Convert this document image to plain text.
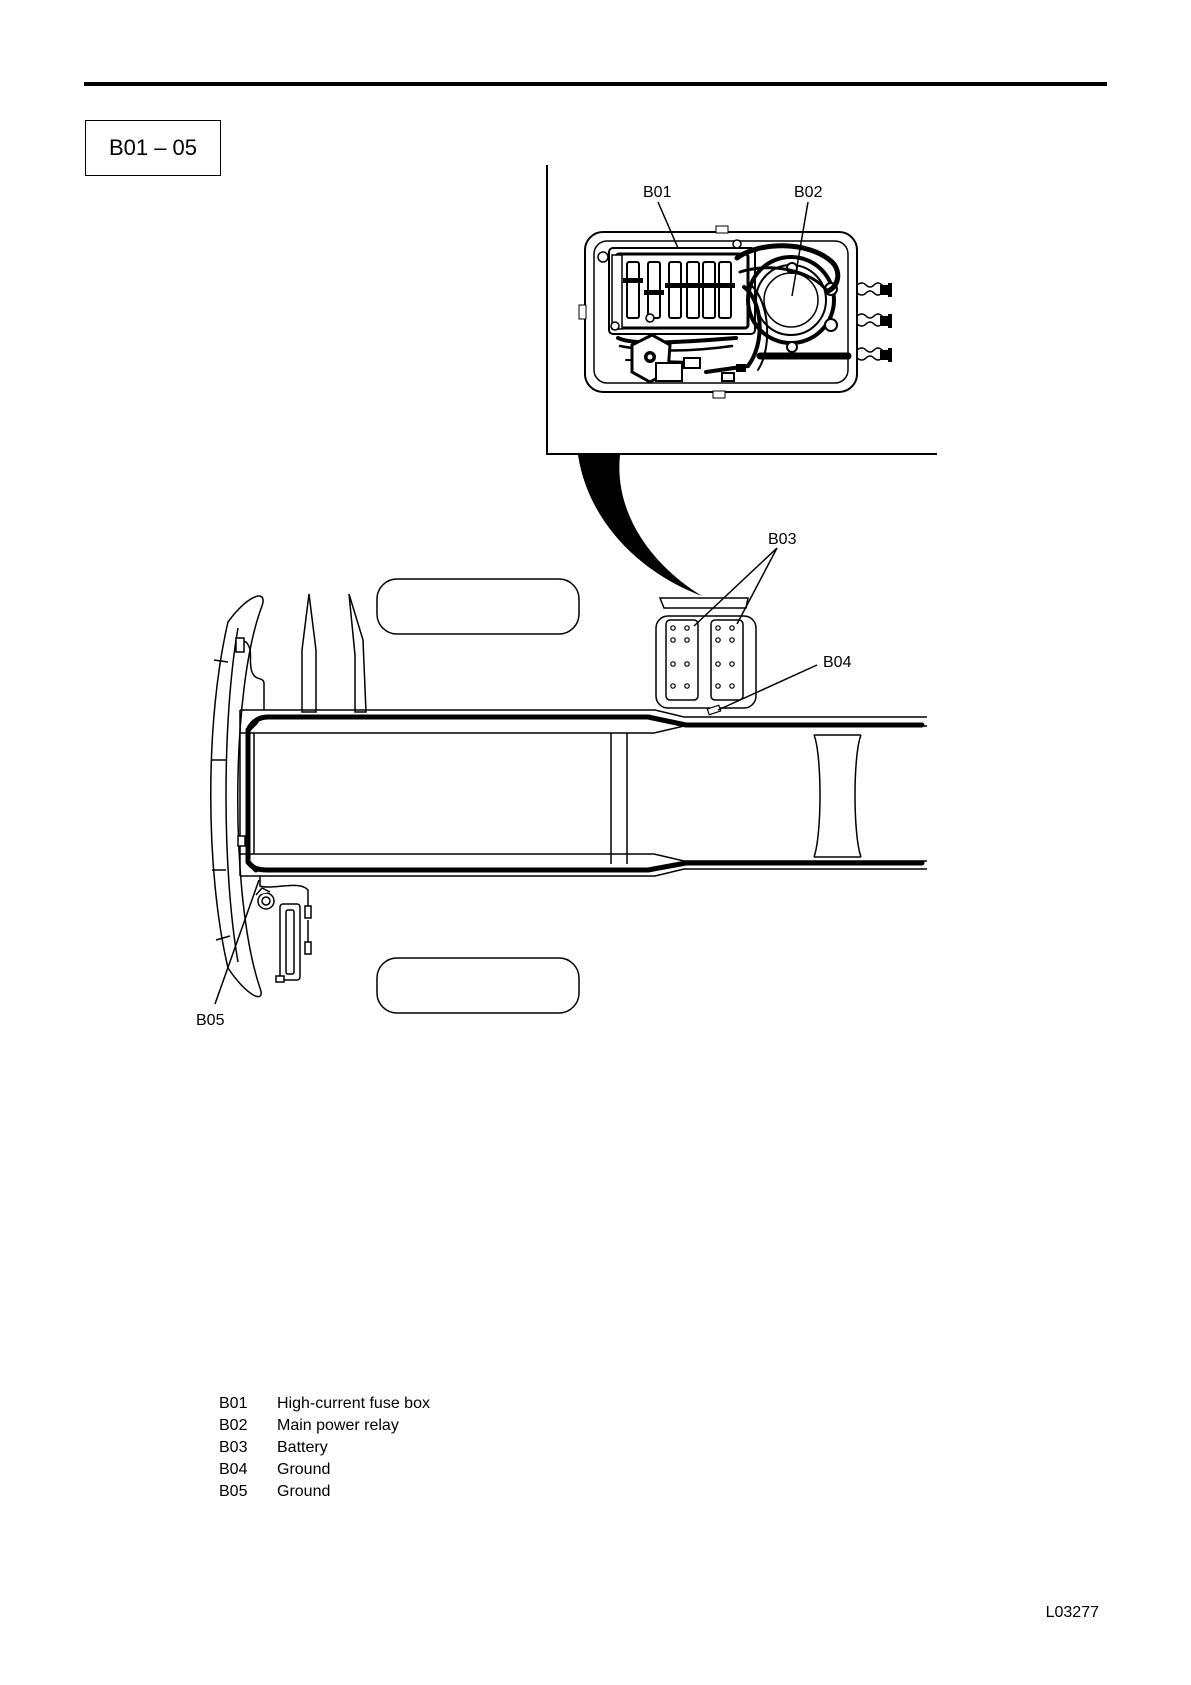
B01 – 05
B01	B02
B03
B04
B05
B01	High-current fuse box
B02	Main power relay
B03	Battery
B04	Ground
B05	Ground
L03277
